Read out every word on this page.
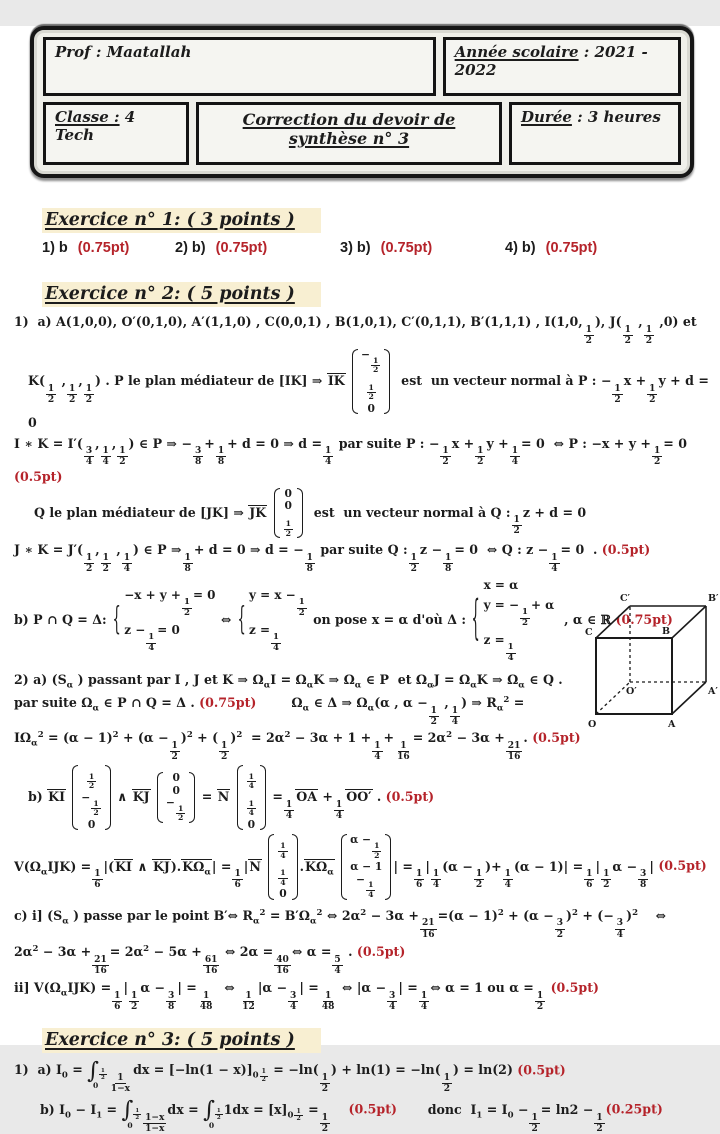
Prof : Maatallah	Année scolaire : 2021 - 2022
Classe : 4 Tech
Correction du devoir de synthèse n° 3
Durée : 3 heures
Exercice n° 1: ( 3 points )
1) b (0.75pt)	2) b) (0.75pt)	3) b) (0.75pt)	4) b) (0.75pt)
Exercice n° 2: ( 5 points )
1)  a) A(1,0,0), O′(0,1,0), A′(1,1,0) , C(0,0,1) , B(1,0,1), C′(0,1,1), B′(1,1,1) , I(1,0,
$\frac{1}{2}$
), J(
$\frac{1}{2}$
,
$\frac{1}{2}$
,0) et
K(
$\frac{1}{2}$
,
$\frac{1}{2}$
,
$\frac{1}{2}$
) . P le plan médiateur de [IK] ⇒ IK
−
$\frac{1}{2}$
$\frac{1}{2}$
0
est  un vecteur normal à P : −
$\frac{1}{2}$
x +
$\frac{1}{2}$
y + d = 0
I ∗ K = I′(
$\frac{3}{4}$
,
$\frac{1}{4}$
,
$\frac{1}{2}$
) ∈ P ⇒ −
$\frac{3}{8}$
+
$\frac{1}{8}$
+ d = 0 ⇒ d =
$\frac{1}{4}$
par suite P : −
$\frac{1}{2}$
x +
$\frac{1}{2}$
y +
$\frac{1}{4}$
= 0  ⇔ P : −x + y +
$\frac{1}{2}$
= 0
(0.5pt)
Q le plan médiateur de [JK] ⇒ JK
0
0
$\frac{1}{2}$
est  un vecteur normal à Q :
$\frac{1}{2}$
z + d = 0
J ∗ K = J′(
$\frac{1}{2}$
,
$\frac{1}{2}$
,
$\frac{1}{4}$
) ∈ P ⇒
$\frac{1}{8}$
+ d = 0 ⇒ d = −
$\frac{1}{8}$
par suite Q :
$\frac{1}{2}$
z −
$\frac{1}{8}$
= 0  ⇔ Q : z −
$\frac{1}{4}$
= 0  . (0.5pt)
b) P ∩ Q = Δ: {
−x + y +
$\frac{1}{2}$
= 0
z −
$\frac{1}{4}$
= 0
⇔ {
y = x −
$\frac{1}{2}$
z =
$\frac{1}{4}$
on pose x = α d'où Δ : {
x = α
y = −
$\frac{1}{2}$
+ α
z =
$\frac{1}{4}$
, α ∈ ℝ (0.75pt)
2) a) ($S_\alpha$ ) passant par I , J et K ⇒ $\Omega_\alpha I = \Omega_\alpha K$ ⇒ $\Omega_\alpha$ ∈ P  et $\Omega_\alpha J = \Omega_\alpha K$ ⇒ $\Omega_\alpha$ ∈ Q .
par suite $\Omega_\alpha$ ∈ P ∩ Q = Δ . (0.75pt)        $\Omega_\alpha$ ∈ Δ ⇒ $\Omega_\alpha(\alpha$ , α −
$\frac{1}{2}$
,
$\frac{1}{4}$
) ⇒ $R_\alpha^2$ =
$I\Omega_\alpha^2 = (\alpha - 1)^2 + (\alpha$ −
$\frac{1}{2}$
)$^2$ + (
$\frac{1}{2}$
)$^2 = 2\alpha^2 - 3\alpha + 1$ +
$\frac{1}{4}$
+
$\frac{1}{16}$
= $2\alpha^2 - 3\alpha$ +
$\frac{21}{16}$
. (0.5pt)
b) KI
$\frac{1}{2}$
−
$\frac{1}{2}$
0
∧ KJ
0
0
−
$\frac{1}{2}$
= N
$\frac{1}{4}$
$\frac{1}{4}$
0
=
$\frac{1}{4}$
OA +
$\frac{1}{4}$
OO′ . (0.5pt)
$V(\Omega_\alpha IJK)$ =
$\frac{1}{6}$
|(KI ∧ $KJ).K\Omega_\alpha|$ =
$\frac{1}{6}$
|N
$\frac{1}{4}$
$\frac{1}{4}$
0
$.K\Omega_\alpha$
α −
$\frac{1}{2}$
α − 1
−
$\frac{1}{4}$
| =
$\frac{1}{6}$
|
$\frac{1}{4}$
(α −
$\frac{1}{2}$
)+
$\frac{1}{4}$
(α − 1)| =
$\frac{1}{6}$
|
$\frac{1}{2}$
α −
$\frac{3}{8}$
| (0.5pt)
c) i] ($S_\alpha$ ) passe par le point B′⇔ $R_\alpha^2 = B'\Omega_\alpha^2$ ⇔ $2\alpha^2 - 3\alpha$ +
$\frac{21}{16}$
$=(\alpha - 1)^2 + (\alpha$ −
$\frac{3}{2}$
)$^2$ + (−
$\frac{3}{4}$
)$^2$    ⇔
$2\alpha^2 - 3\alpha$ +
$\frac{21}{16}$
= $2\alpha^2 - 5\alpha$ +
$\frac{61}{16}$
⇔ 2α =
$\frac{40}{16}$
⇔ α =
$\frac{5}{4}$
. (0.5pt)
ii] $V(\Omega_\alpha IJK)$ =
$\frac{1}{6}$
|
$\frac{1}{2}$
α −
$\frac{3}{8}$
| =
$\frac{1}{48}$
⇔
$\frac{1}{12}$
|α −
$\frac{3}{4}$
| =
$\frac{1}{48}$
⇔ |α −
$\frac{3}{4}$
| =
$\frac{1}{4}$
⇔ α = 1 ou α =
$\frac{1}{2}$
(0.5pt)
Exercice n° 3: ( 5 points )
1)  a) $I_0$ = ∫ $\frac{1}{2}$
0	$\frac{1}{1-x}$
dx = $[-\ln(1 - x)]_0$ $^{\frac{1}{2}}$ = −ln(
$\frac{1}{2}$
) + ln(1) = −ln(
$\frac{1}{2}$
) = ln(2) (0.5pt)
b) $I_0 - I_1$ = ∫ $\frac{1}{2}$
0	$\frac{1-x}{1-x}$
dx = ∫ $\frac{1}{2}$
0
$1dx = [x]_0$ $^{\frac{1}{2}}$ =
$\frac{1}{2}$
(0.5pt)       donc  $I_1 = I_0$ −
$\frac{1}{2}$
= ln2 −
$\frac{1}{2}$
(0.25pt)
C′	B′
C	B
O′	A′
O	A
